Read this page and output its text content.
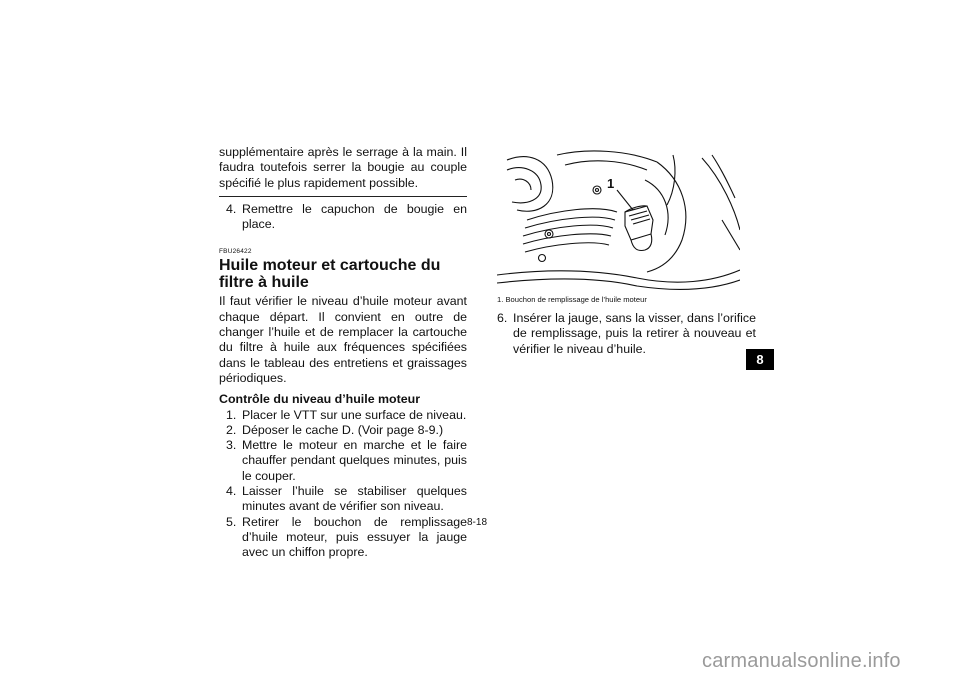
supplémentaire après le serrage à la main. Il faudra toutefois serrer la bougie au couple spécifié le plus rapidement possible.

4. Remettre le capuchon de bougie en place.
FBU26422
Huile moteur et cartouche du filtre à huile

Il faut vérifier le niveau d’huile moteur avant chaque départ. Il convient en outre de changer l’huile et de remplacer la cartouche du filtre à huile aux fréquences spécifiées dans le tableau des entretiens et graissages périodiques.

Contrôle du niveau d’huile moteur
1. Placer le VTT sur une surface de niveau.
2. Déposer le cache D. (Voir page 8-9.)
3. Mettre le moteur en marche et le faire chauffer pendant quelques minutes, puis le couper.
4. Laisser l’huile se stabiliser quelques minutes avant de vérifier son niveau.
5. Retirer le bouchon de remplissage d’huile moteur, puis essuyer la jauge avec un chiffon propre.
1
1. Bouchon de remplissage de l’huile moteur
6. Insérer la jauge, sans la visser, dans l’orifice de remplissage, puis la retirer à nouveau et vérifier le niveau d’huile.
8
8-18
carmanualsonline.info
